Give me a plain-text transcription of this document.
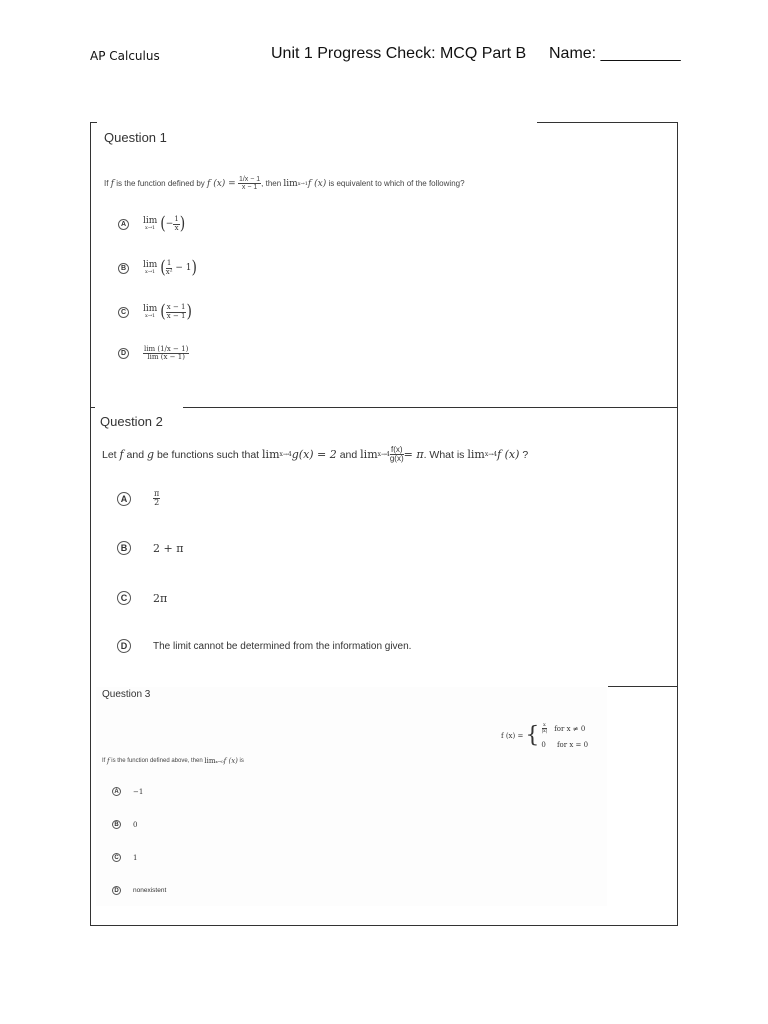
AP Calculus	Unit 1 Progress Check: MCQ Part B Name: _________
Question 1
If
f
is the function defined by
f (x) =
$\frac{1/x - 1}{x - 1}$ , then
lim x→1 f (x)
is equivalent to which of the following?
A	lim
x→1 ( − $\frac{1}{x}$ )
B	lim
x→1 ( $\frac{1}{\text{x²}} - 1$ )
C	lim
x→1 ( $\frac{x - 1}{x - 1}$ )
D	$\frac{\lim (1/x - 1)}{\lim (x - 1)}$
Question 2
Let
f
and
g
be functions such that
lim x→4 g(x) = 2
and
$\lim x\to 4 \frac{f(x)}{g(x)} = \pi$ . What is
lim x→4 f (x)
?
A	$\frac{\pi}{2}$
B	2 + π
C	2π
D	The limit cannot be determined from the information given.
Question 3
f (x) = { $\frac{x}{|x|}$ for x ≠ 0
0 for x = 0
If
f
is the function defined above, then
lim x→0 f (x)
is
A	−1
B	0
C	1
D	nonexistent
